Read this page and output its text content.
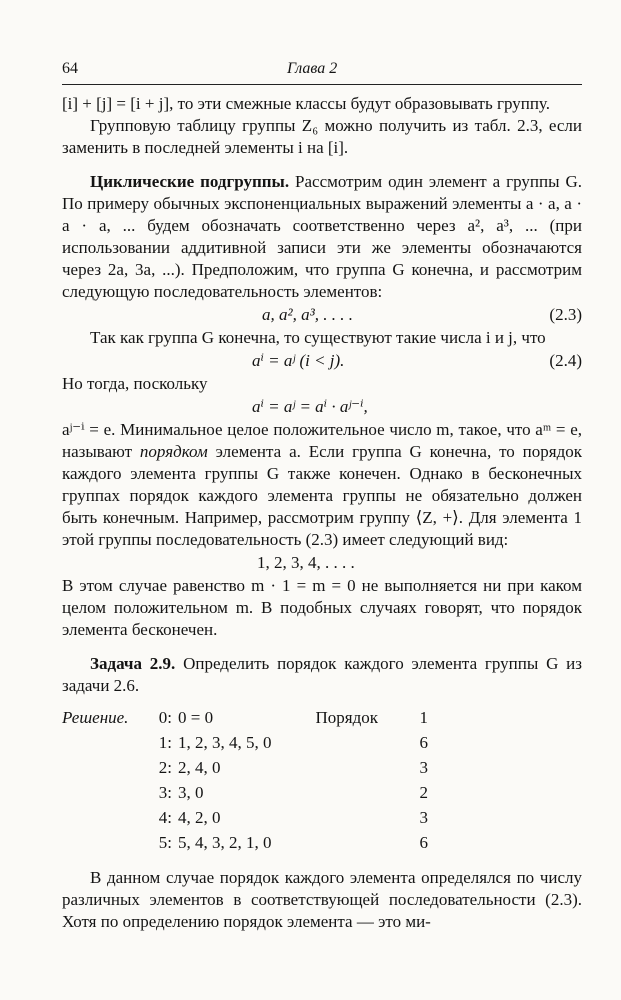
64	Глава 2

[i] + [j] = [i + j], то эти смежные классы будут образовывать группу.

Групповую таблицу группы Z₆ можно получить из табл. 2.3, если заменить в последней элементы i на [i].

Циклические подгруппы. Рассмотрим один элемент a группы G. По примеру обычных экспоненциальных выражений элементы a · a, a · a · a, ... будем обозначать соответственно через a², a³, ... (при использовании аддитивной записи эти же элементы обозначаются через 2a, 3a, ...). Предположим, что группа G конечна, и рассмотрим следующую последовательность элементов:

a, a², a³, . . . .	(2.3)

Так как группа G конечна, то существуют такие числа i и j, что

aⁱ = aʲ (i < j).	(2.4)

Но тогда, поскольку

aⁱ = aʲ = aⁱ · aʲ⁻ⁱ,

aʲ⁻ⁱ = e. Минимальное целое положительное число m, такое, что aᵐ = e, называют порядком элемента a. Если группа G конечна, то порядок каждого элемента группы G также конечен. Однако в бесконечных группах порядок каждого элемента группы не обязательно должен быть конечным. Например, рассмотрим группу ⟨Z, +⟩. Для элемента 1 этой группы последовательность (2.3) имеет следующий вид:

1, 2, 3, 4, . . . .

В этом случае равенство m · 1 = m = 0 не выполняется ни при каком целом положительном m. В подобных случаях говорят, что порядок элемента бесконечен.

Задача 2.9. Определить порядок каждого элемента группы G из задачи 2.6.

Решение.	0:	0 = 0	Порядок 1
	1:	1, 2, 3, 4, 5, 0	6
	2:	2, 4, 0	3
	3:	3, 0	2
	4:	4, 2, 0	3
	5:	5, 4, 3, 2, 1, 0	6

В данном случае порядок каждого элемента определялся по числу различных элементов в соответствующей последовательности (2.3). Хотя по определению порядок элемента — это ми-
